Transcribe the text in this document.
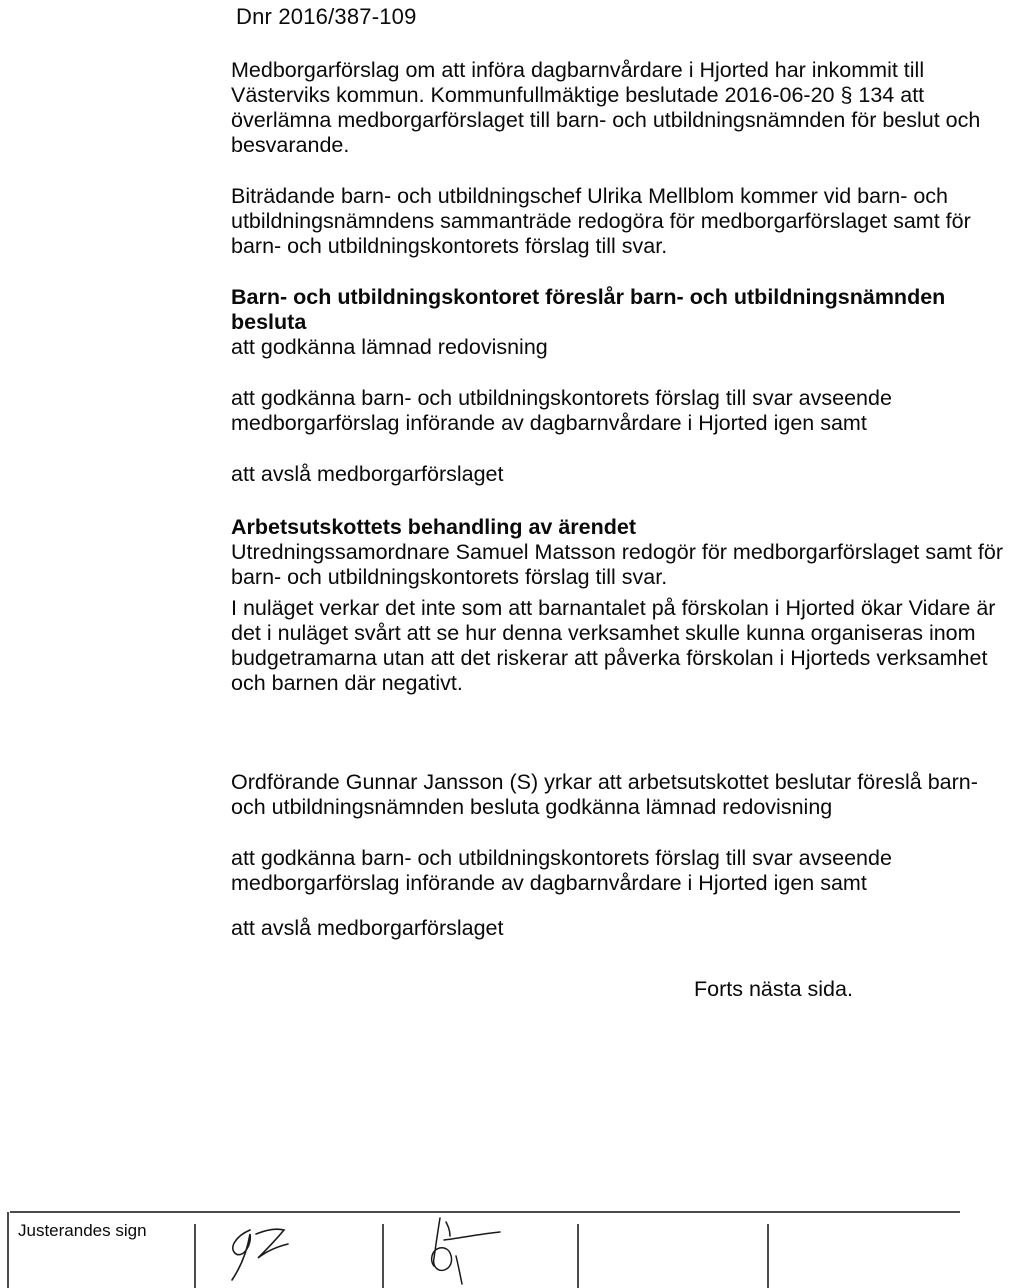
Dnr 2016/387-109

Medborgarförslag om att införa dagbarnvårdare i Hjorted har inkommit till Västerviks kommun. Kommunfullmäktige beslutade 2016-06-20 § 134 att överlämna medborgarförslaget till barn- och utbildningsnämnden för beslut och besvarande.

Biträdande barn- och utbildningschef Ulrika Mellblom kommer vid barn- och utbildningsnämndens sammanträde redogöra för medborgarförslaget samt för barn- och utbildningskontorets förslag till svar.

Barn- och utbildningskontoret föreslår barn- och utbildningsnämnden besluta

att godkänna lämnad redovisning

att godkänna barn- och utbildningskontorets förslag till svar avseende medborgarförslag införande av dagbarnvårdare i Hjorted igen samt

att avslå medborgarförslaget

Arbetsutskottets behandling av ärendet

Utredningssamordnare Samuel Matsson redogör för medborgarförslaget samt för barn- och utbildningskontorets förslag till svar.

I nuläget verkar det inte som att barnantalet på förskolan i Hjorted ökar Vidare är det i nuläget svårt att se hur denna verksamhet skulle kunna organiseras inom budgetramarna utan att det riskerar att påverka förskolan i Hjorteds verksamhet och barnen där negativt.

Ordförande Gunnar Jansson (S) yrkar att arbetsutskottet beslutar föreslå barn- och utbildningsnämnden besluta godkänna lämnad redovisning

att godkänna barn- och utbildningskontorets förslag till svar avseende medborgarförslag införande av dagbarnvårdare i Hjorted igen samt

att avslå medborgarförslaget

Forts nästa sida.
Justerandes sign
